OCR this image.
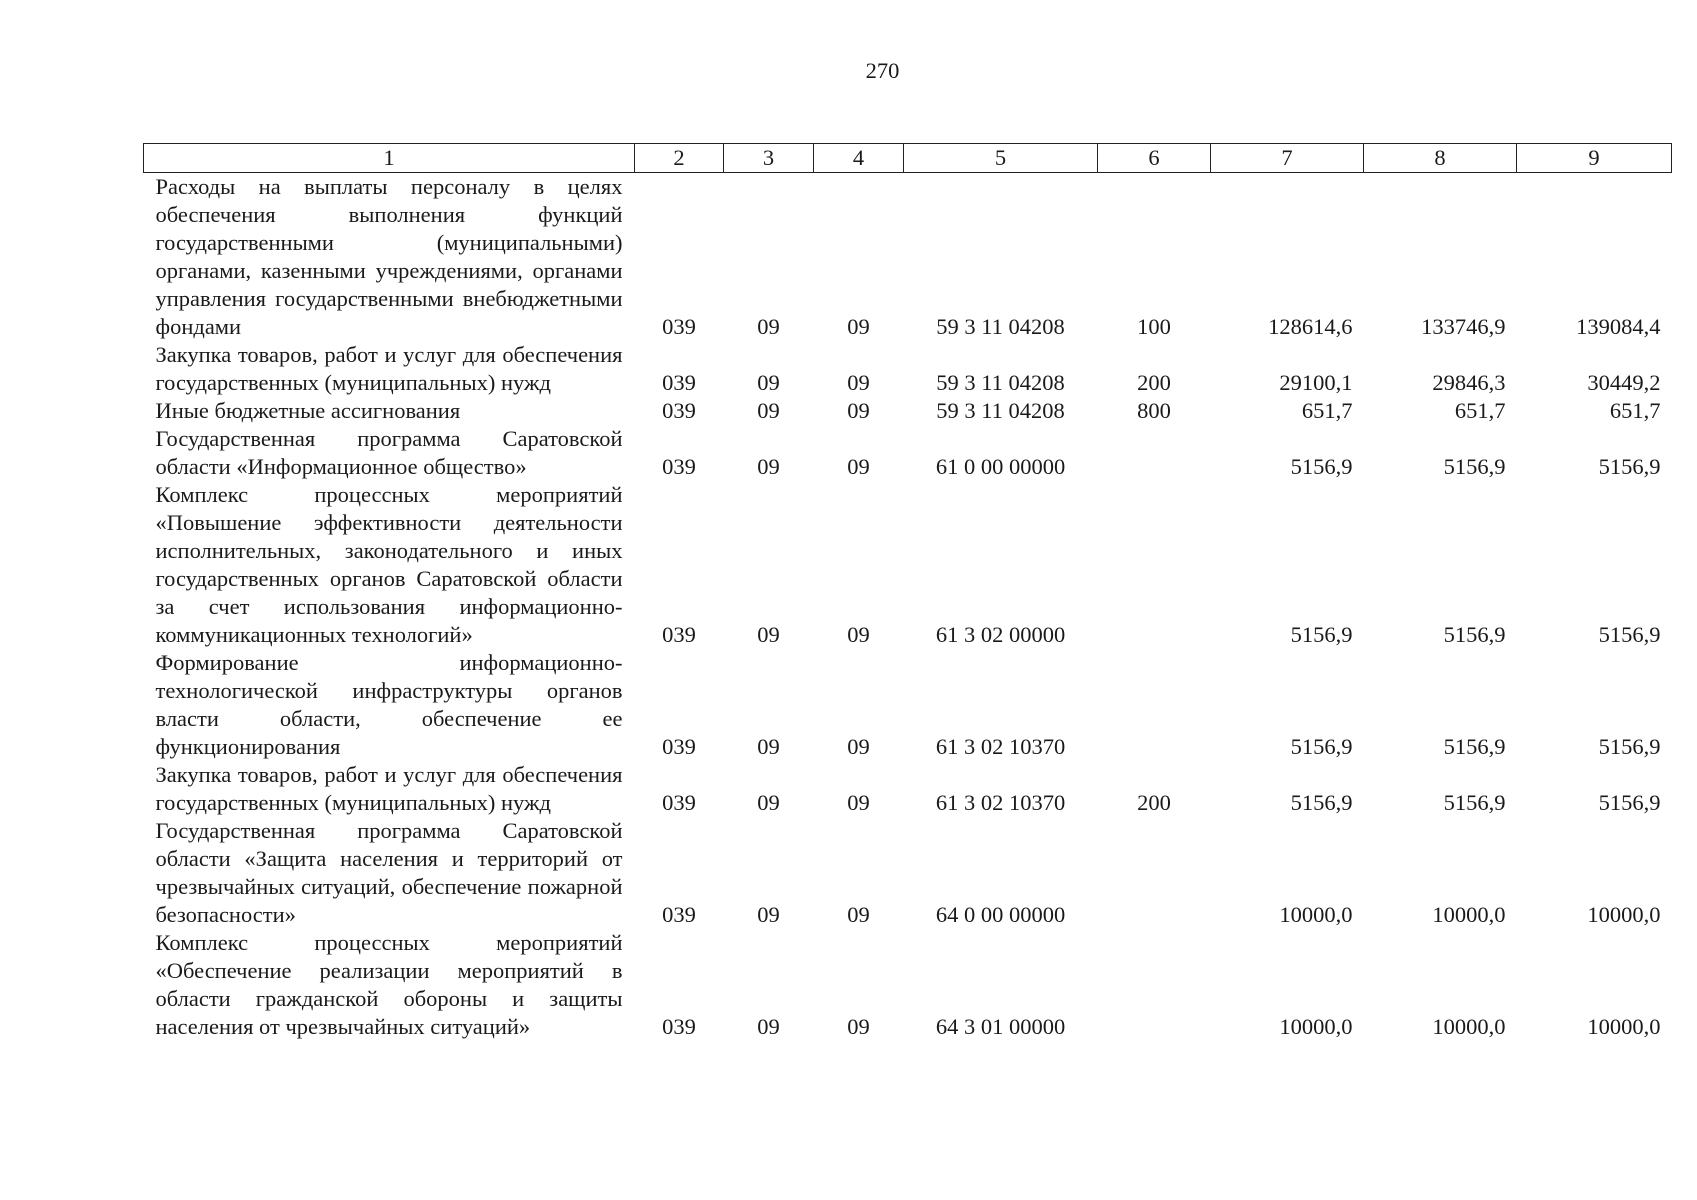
270
1	2	3	4	5	6	7	8	9
Расходы на выплаты персоналу в целях обеспечения выполнения функций государственными (муниципальными) органами, казенными учреждениями, органами управления государственными внебюджетными фондами	039	09	09	59 3 11 04208	100	128614,6	133746,9	139084,4
Закупка товаров, работ и услуг для обеспечения государственных (муниципальных) нужд	039	09	09	59 3 11 04208	200	29100,1	29846,3	30449,2
Иные бюджетные ассигнования	039	09	09	59 3 11 04208	800	651,7	651,7	651,7
Государственная программа Саратовской области «Информационное общество»	039	09	09	61 0 00 00000		5156,9	5156,9	5156,9
Комплекс процессных мероприятий «Повышение эффективности деятельности исполнительных, законодательного и иных государственных органов Саратовской области за счет использования информационно-коммуникационных технологий»	039	09	09	61 3 02 00000		5156,9	5156,9	5156,9
Формирование информационно-технологической инфраструктуры органов власти области, обеспечение ее функционирования	039	09	09	61 3 02 10370		5156,9	5156,9	5156,9
Закупка товаров, работ и услуг для обеспечения государственных (муниципальных) нужд	039	09	09	61 3 02 10370	200	5156,9	5156,9	5156,9
Государственная программа Саратовской области «Защита населения и территорий от чрезвычайных ситуаций, обеспечение пожарной безопасности»	039	09	09	64 0 00 00000		10000,0	10000,0	10000,0
Комплекс процессных мероприятий «Обеспечение реализации мероприятий в области гражданской обороны и защиты населения от чрезвычайных ситуаций»	039	09	09	64 3 01 00000		10000,0	10000,0	10000,0
